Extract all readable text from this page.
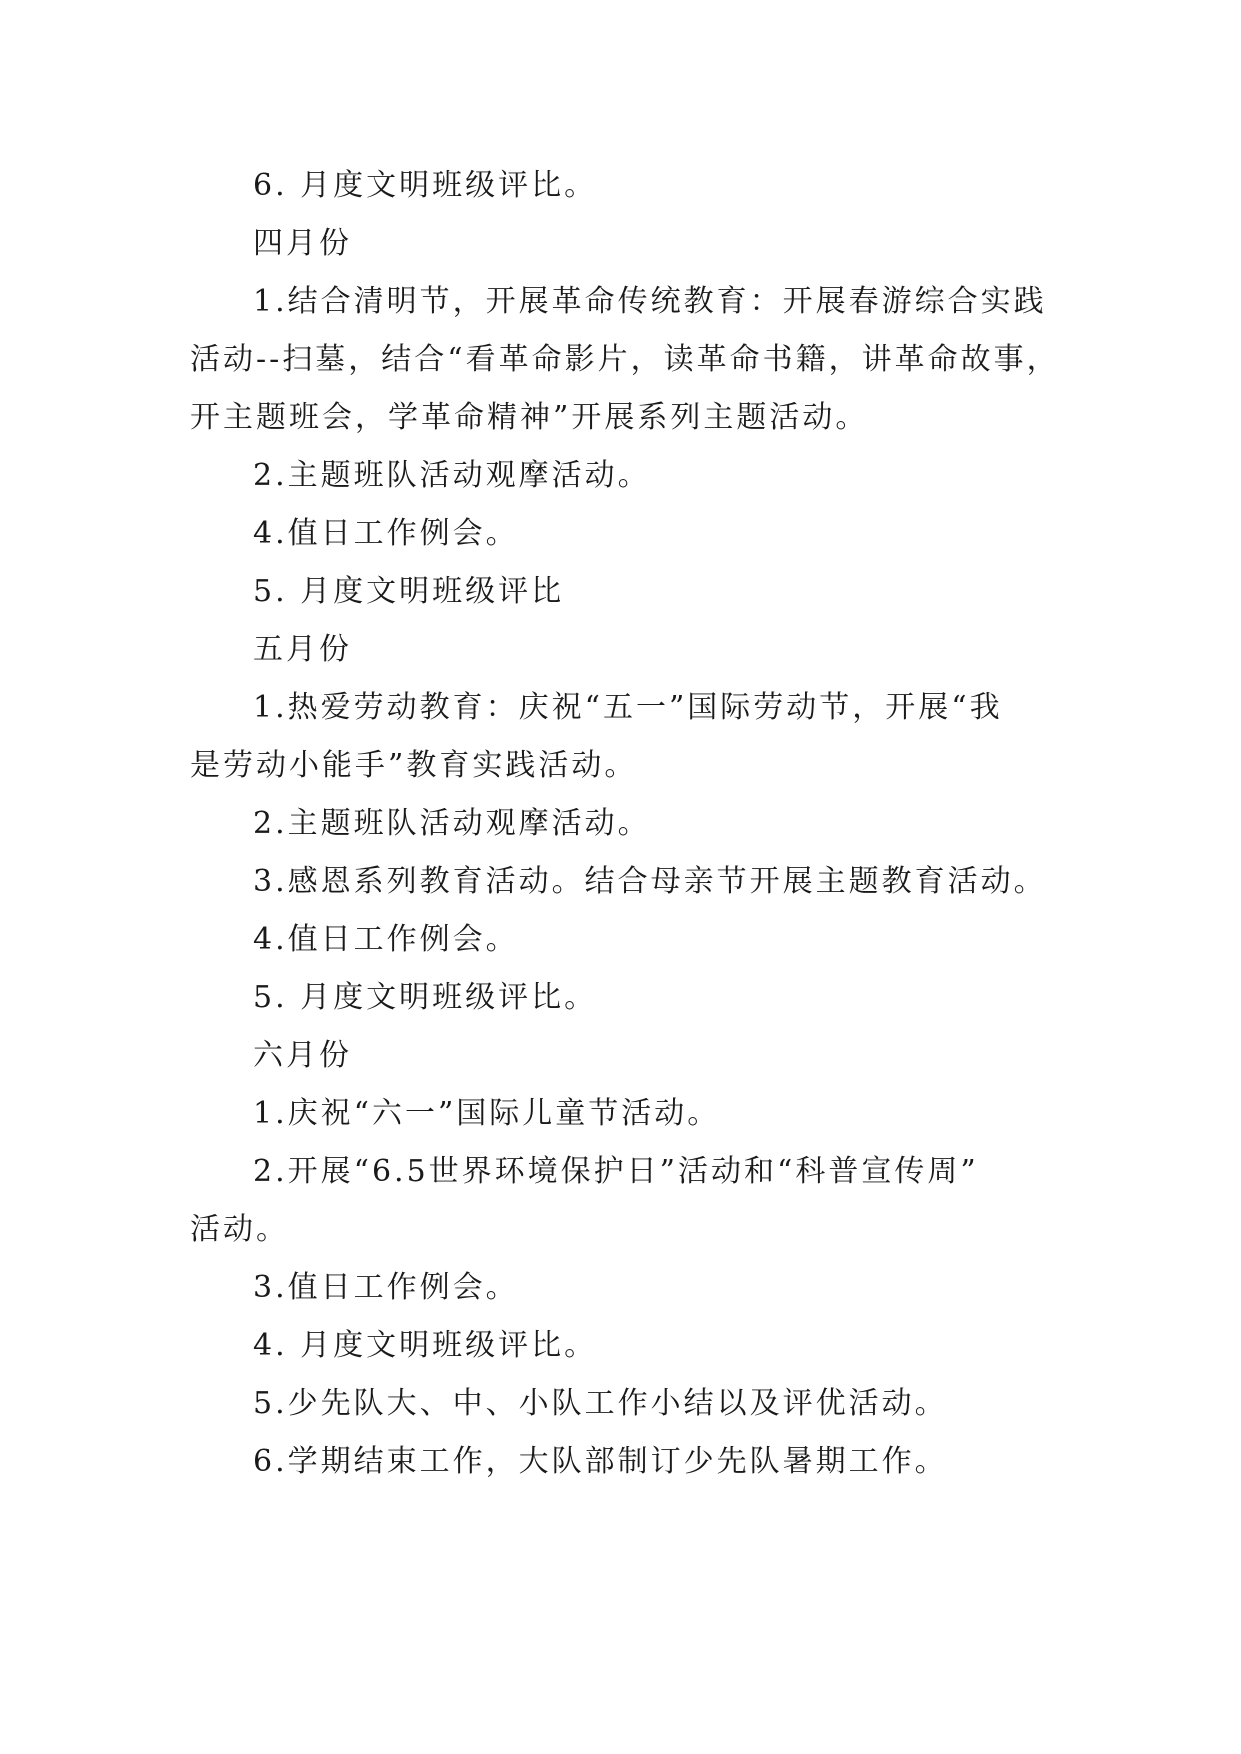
6. 月度文明班级评比。
四月份
1.结合清明节，开展革命传统教育：开展春游综合实践
活动--扫墓，结合“看革命影片，读革命书籍，讲革命故事，
开主题班会，学革命精神”开展系列主题活动。
2.主题班队活动观摩活动。
4.值日工作例会。
5. 月度文明班级评比
五月份
1.热爱劳动教育：庆祝“五一”国际劳动节，开展“我
是劳动小能手”教育实践活动。
2.主题班队活动观摩活动。
3.感恩系列教育活动。结合母亲节开展主题教育活动。
4.值日工作例会。
5. 月度文明班级评比。
六月份
1.庆祝“六一”国际儿童节活动。
2.开展“6.5世界环境保护日”活动和“科普宣传周”
活动。
3.值日工作例会。
4. 月度文明班级评比。
5.少先队大、中、小队工作小结以及评优活动。
6.学期结束工作，大队部制订少先队暑期工作。
